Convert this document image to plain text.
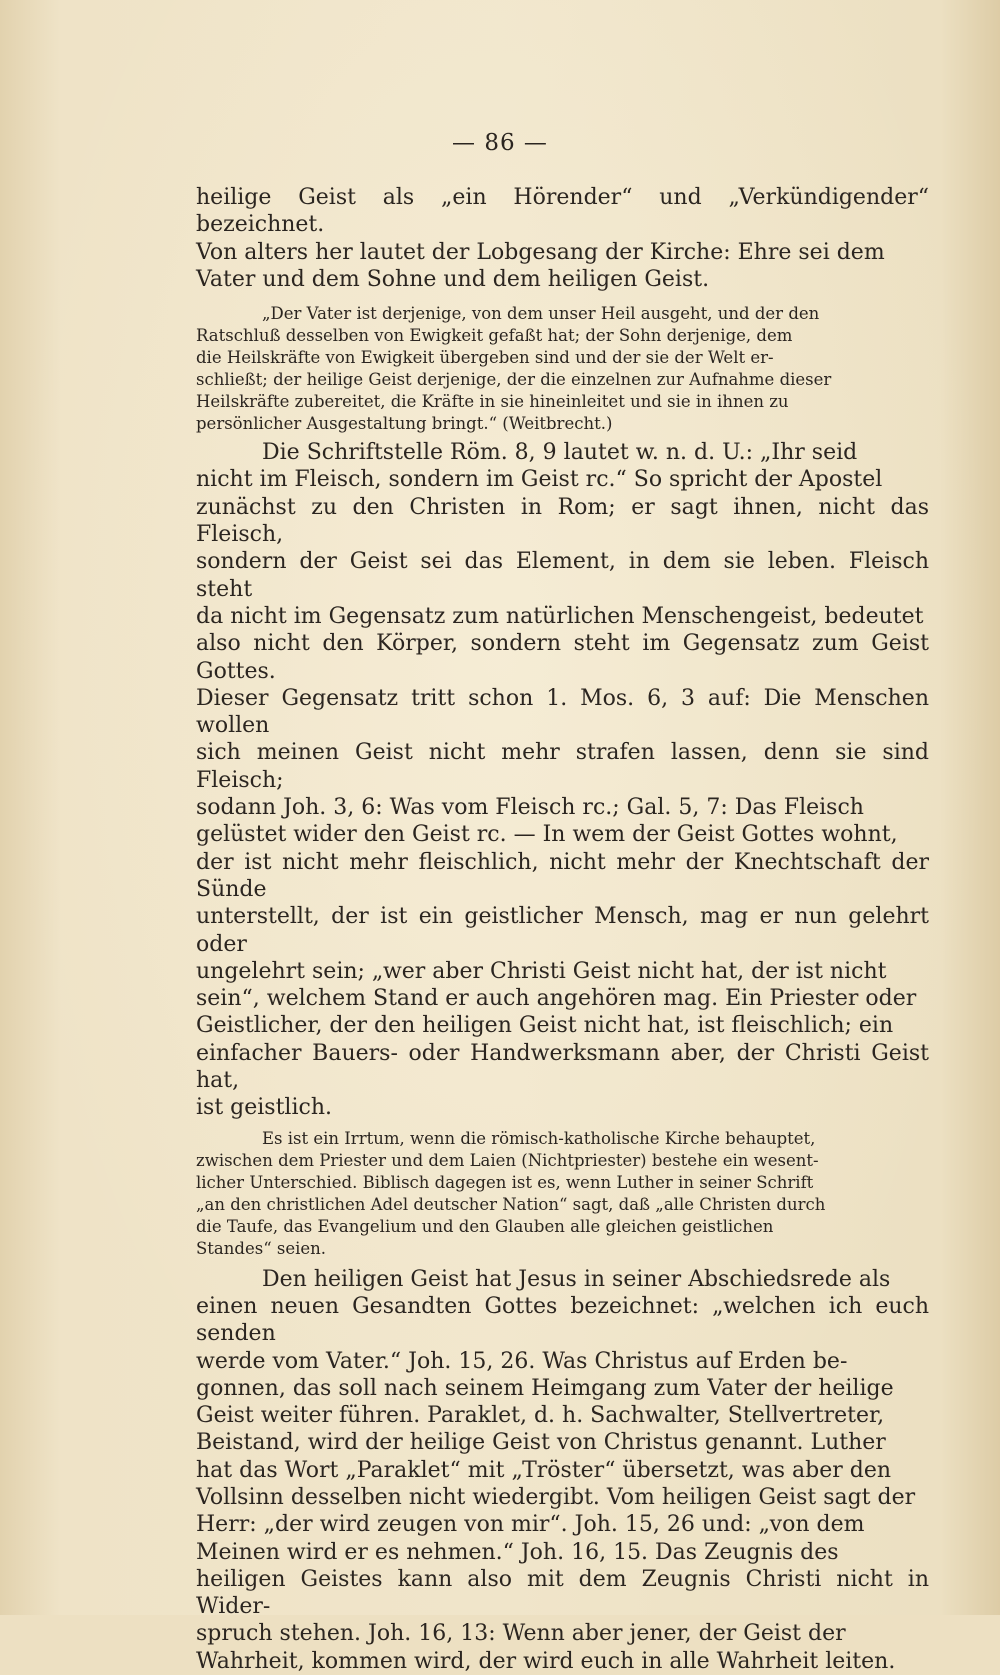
— 86 —

heilige Geist als „ein Hörender“ und „Verkündigender“ bezeichnet.
Von alters her lautet der Lobgesang der Kirche: Ehre sei dem
Vater und dem Sohne und dem heiligen Geist.

„Der Vater ist derjenige, von dem unser Heil ausgeht, und der den
Ratschluß desselben von Ewigkeit gefaßt hat; der Sohn derjenige, dem
die Heilskräfte von Ewigkeit übergeben sind und der sie der Welt er-
schließt; der heilige Geist derjenige, der die einzelnen zur Aufnahme dieser
Heilskräfte zubereitet, die Kräfte in sie hineinleitet und sie in ihnen zu
persönlicher Ausgestaltung bringt.“ (Weitbrecht.)

Die Schriftstelle Röm. 8, 9 lautet w. n. d. U.: „Ihr seid
nicht im Fleisch, sondern im Geist rc.“ So spricht der Apostel
zunächst zu den Christen in Rom; er sagt ihnen, nicht das Fleisch,
sondern der Geist sei das Element, in dem sie leben. Fleisch steht
da nicht im Gegensatz zum natürlichen Menschengeist, bedeutet
also nicht den Körper, sondern steht im Gegensatz zum Geist Gottes.
Dieser Gegensatz tritt schon 1. Mos. 6, 3 auf: Die Menschen wollen
sich meinen Geist nicht mehr strafen lassen, denn sie sind Fleisch;
sodann Joh. 3, 6: Was vom Fleisch rc.; Gal. 5, 7: Das Fleisch
gelüstet wider den Geist rc. — In wem der Geist Gottes wohnt,
der ist nicht mehr fleischlich, nicht mehr der Knechtschaft der Sünde
unterstellt, der ist ein geistlicher Mensch, mag er nun gelehrt oder
ungelehrt sein; „wer aber Christi Geist nicht hat, der ist nicht
sein“, welchem Stand er auch angehören mag. Ein Priester oder
Geistlicher, der den heiligen Geist nicht hat, ist fleischlich; ein
einfacher Bauers- oder Handwerksmann aber, der Christi Geist hat,
ist geistlich.

Es ist ein Irrtum, wenn die römisch-katholische Kirche behauptet,
zwischen dem Priester und dem Laien (Nichtpriester) bestehe ein wesent-
licher Unterschied. Biblisch dagegen ist es, wenn Luther in seiner Schrift
„an den christlichen Adel deutscher Nation“ sagt, daß „alle Christen durch
die Taufe, das Evangelium und den Glauben alle gleichen geistlichen
Standes“ seien.

Den heiligen Geist hat Jesus in seiner Abschiedsrede als
einen neuen Gesandten Gottes bezeichnet: „welchen ich euch senden
werde vom Vater.“ Joh. 15, 26. Was Christus auf Erden be-
gonnen, das soll nach seinem Heimgang zum Vater der heilige
Geist weiter führen. Paraklet, d. h. Sachwalter, Stellvertreter,
Beistand, wird der heilige Geist von Christus genannt. Luther
hat das Wort „Paraklet“ mit „Tröster“ übersetzt, was aber den
Vollsinn desselben nicht wiedergibt. Vom heiligen Geist sagt der
Herr: „der wird zeugen von mir“. Joh. 15, 26 und: „von dem
Meinen wird er es nehmen.“ Joh. 16, 15. Das Zeugnis des
heiligen Geistes kann also mit dem Zeugnis Christi nicht in Wider-
spruch stehen. Joh. 16, 13: Wenn aber jener, der Geist der
Wahrheit, kommen wird, der wird euch in alle Wahrheit leiten.
